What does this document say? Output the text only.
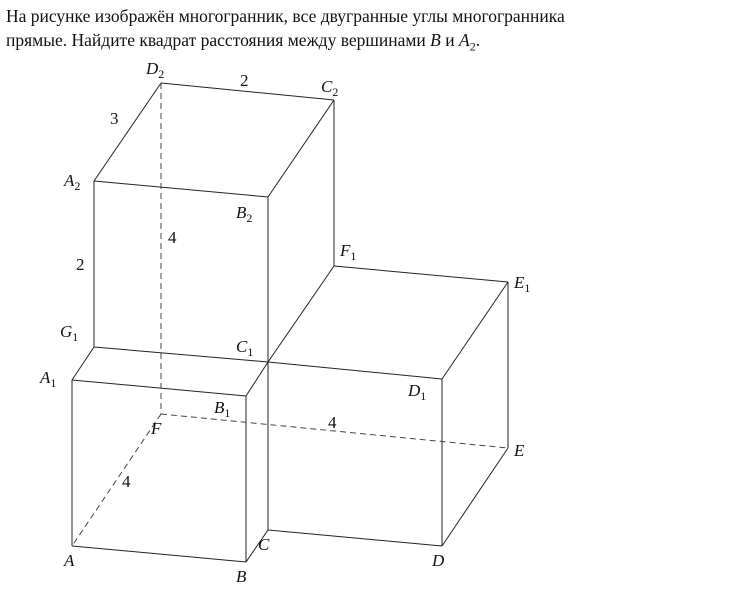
На рисунке изображён многогранник, все двугранные углы многогранника

прямые. Найдите квадрат расстояния между вершинами B и $A_2$.

$D_2$
$C_2$
$A_2$
$B_2$
$F_1$
$E_1$
$G_1$	$C_1$
$A_1$	$D_1$
$B_1$
F
E
C
A	D
B
2
3
2
4
4
4
